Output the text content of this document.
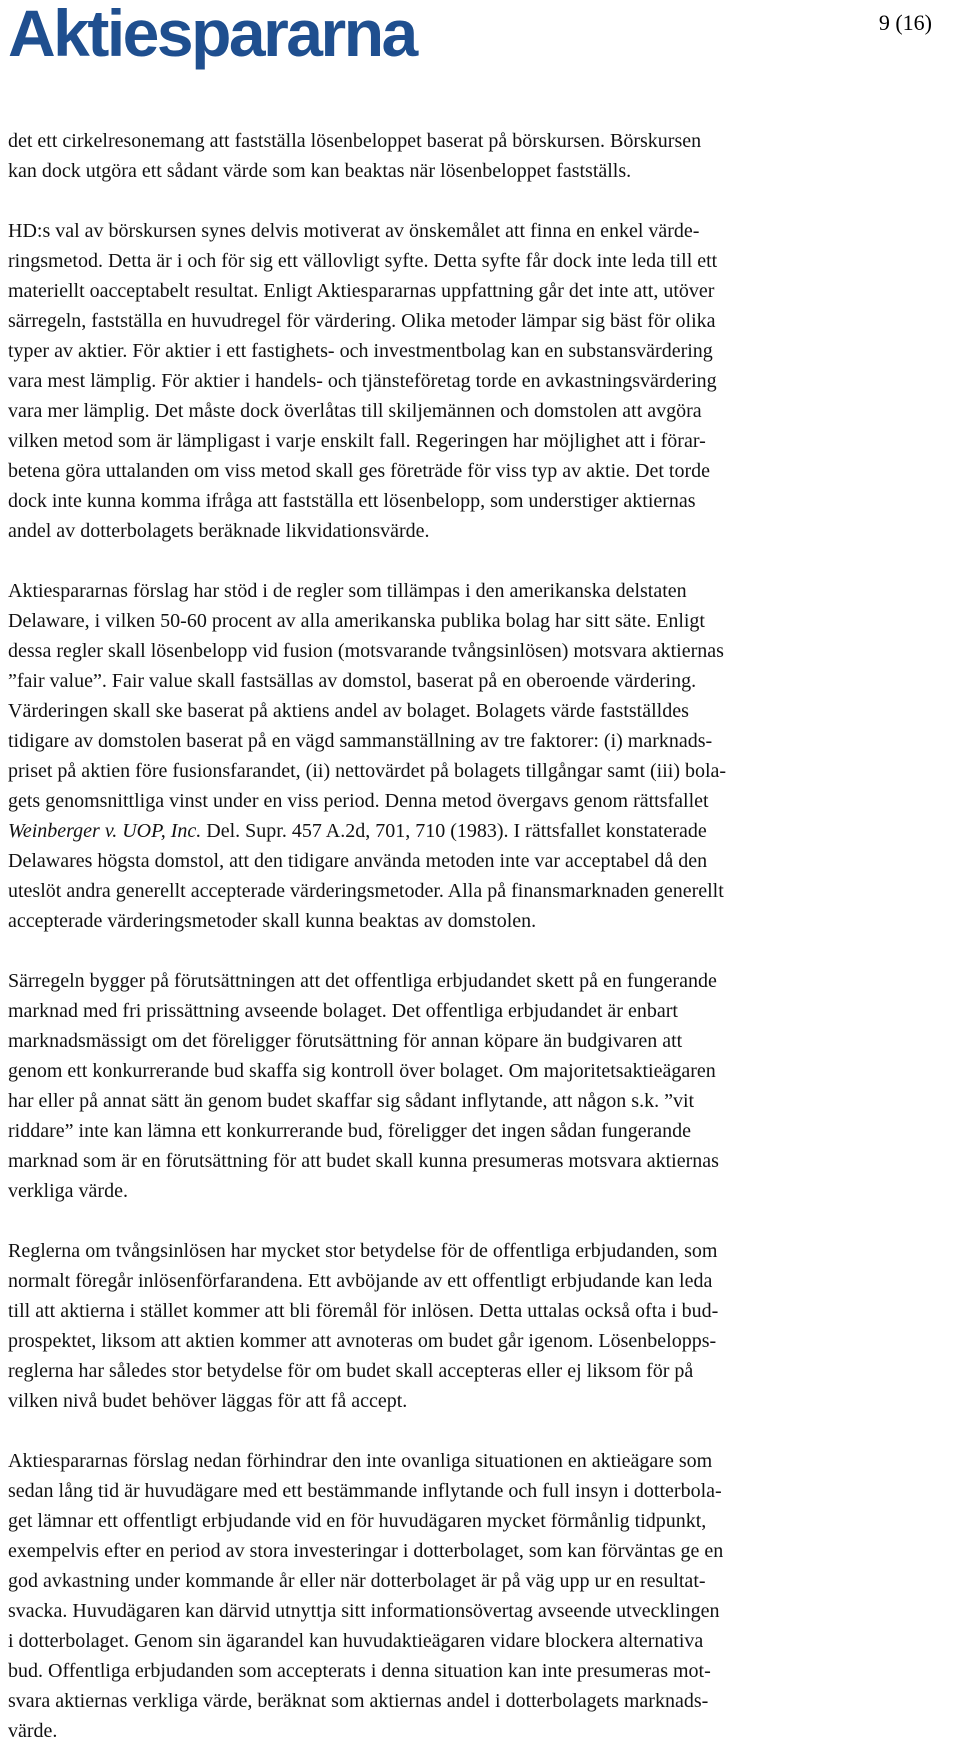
Aktiespararna	9 (16)

det ett cirkelresonemang att fastställa lösenbeloppet baserat på börskursen. Börskursen
kan dock utgöra ett sådant värde som kan beaktas när lösenbeloppet fastställs.

HD:s val av börskursen synes delvis motiverat av önskemålet att finna en enkel värde-
ringsmetod. Detta är i och för sig ett vällovligt syfte. Detta syfte får dock inte leda till ett
materiellt oacceptabelt resultat. Enligt Aktiespararnas uppfattning går det inte att, utöver
särregeln, fastställa en huvudregel för värdering. Olika metoder lämpar sig bäst för olika
typer av aktier. För aktier i ett fastighets- och investmentbolag kan en substansvärdering
vara mest lämplig. För aktier i handels- och tjänsteföretag torde en avkastningsvärdering
vara mer lämplig. Det måste dock överlåtas till skiljemännen och domstolen att avgöra
vilken metod som är lämpligast i varje enskilt fall. Regeringen har möjlighet att i förar-
betena göra uttalanden om viss metod skall ges företräde för viss typ av aktie. Det torde
dock inte kunna komma ifråga att fastställa ett lösenbelopp, som understiger aktiernas
andel av dotterbolagets beräknade likvidationsvärde.

Aktiespararnas förslag har stöd i de regler som tillämpas i den amerikanska delstaten
Delaware, i vilken 50-60 procent av alla amerikanska publika bolag har sitt säte. Enligt
dessa regler skall lösenbelopp vid fusion (motsvarande tvångsinlösen) motsvara aktiernas
”fair value”. Fair value skall fastsällas av domstol, baserat på en oberoende värdering.
Värderingen skall ske baserat på aktiens andel av bolaget. Bolagets värde fastställdes
tidigare av domstolen baserat på en vägd sammanställning av tre faktorer: (i) marknads-
priset på aktien före fusionsfarandet, (ii) nettovärdet på bolagets tillgångar samt (iii) bola-
gets genomsnittliga vinst under en viss period. Denna metod övergavs genom rättsfallet
Weinberger v. UOP, Inc. Del. Supr. 457 A.2d, 701, 710 (1983). I rättsfallet konstaterade
Delawares högsta domstol, att den tidigare använda metoden inte var acceptabel då den
uteslöt andra generellt accepterade värderingsmetoder. Alla på finansmarknaden generellt
accepterade värderingsmetoder skall kunna beaktas av domstolen.

Särregeln bygger på förutsättningen att det offentliga erbjudandet skett på en fungerande
marknad med fri prissättning avseende bolaget. Det offentliga erbjudandet är enbart
marknadsmässigt om det föreligger förutsättning för annan köpare än budgivaren att
genom ett konkurrerande bud skaffa sig kontroll över bolaget. Om majoritetsaktieägaren
har eller på annat sätt än genom budet skaffar sig sådant inflytande, att någon s.k. ”vit
riddare” inte kan lämna ett konkurrerande bud, föreligger det ingen sådan fungerande
marknad som är en förutsättning för att budet skall kunna presumeras motsvara aktiernas
verkliga värde.

Reglerna om tvångsinlösen har mycket stor betydelse för de offentliga erbjudanden, som
normalt föregår inlösenförfarandena. Ett avböjande av ett offentligt erbjudande kan leda
till att aktierna i stället kommer att bli föremål för inlösen. Detta uttalas också ofta i bud-
prospektet, liksom att aktien kommer att avnoteras om budet går igenom. Lösenbelopps-
reglerna har således stor betydelse för om budet skall accepteras eller ej liksom för på
vilken nivå budet behöver läggas för att få accept.

Aktiespararnas förslag nedan förhindrar den inte ovanliga situationen en aktieägare som
sedan lång tid är huvudägare med ett bestämmande inflytande och full insyn i dotterbola-
get lämnar ett offentligt erbjudande vid en för huvudägaren mycket förmånlig tidpunkt,
exempelvis efter en period av stora investeringar i dotterbolaget, som kan förväntas ge en
god avkastning under kommande år eller när dotterbolaget är på väg upp ur en resultat-
svacka. Huvudägaren kan därvid utnyttja sitt informationsövertag avseende utvecklingen
i dotterbolaget. Genom sin ägarandel kan huvudaktieägaren vidare blockera alternativa
bud. Offentliga erbjudanden som accepterats i denna situation kan inte presumeras mot-
svara aktiernas verkliga värde, beräknat som aktiernas andel i dotterbolagets marknads-
värde.
